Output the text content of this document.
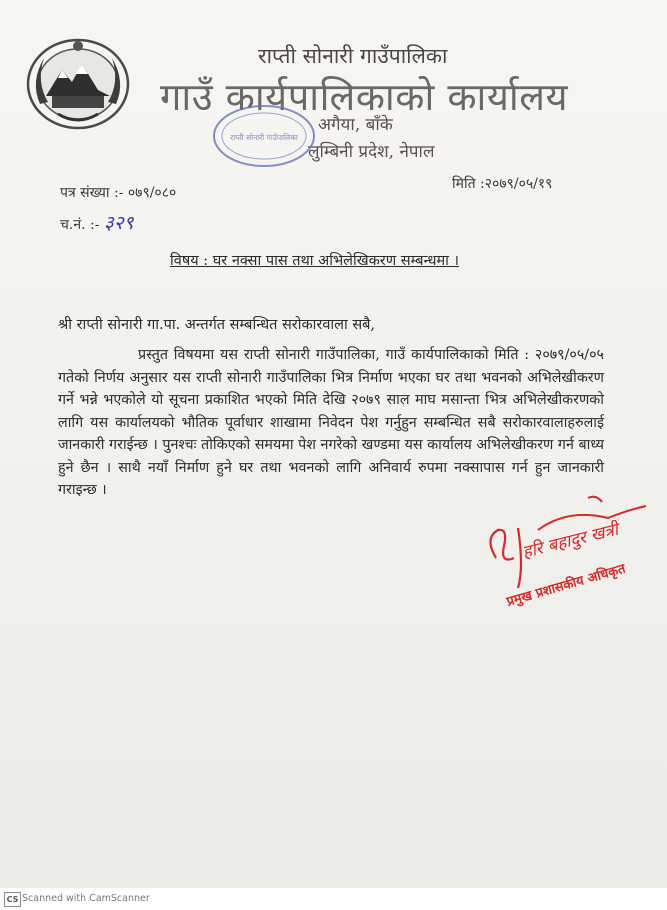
राप्ती सोनारी गाउँपालिका
गाउँ कार्यपालिकाको कार्यालय
अगैया, बाँके
लुम्बिनी प्रदेश, नेपाल
राप्ती सोनारी गाउँपालिका
पत्र संख्या :- ०७९/०८०
च.नं. :- ३२९
मिति :२०७९/०५/१९
विषय : घर नक्सा पास तथा अभिलेखिकरण सम्बन्धमा ।
श्री राप्ती सोनारी गा.पा. अन्तर्गत सम्बन्धित सरोकारवाला सबै,

प्रस्तुत विषयमा यस राप्ती सोनारी गाउँपालिका, गाउँ कार्यपालिकाको मिति : २०७९/०५/०५ गतेको निर्णय अनुसार यस राप्ती सोनारी गाउँपालिका भित्र निर्माण भएका घर तथा भवनको अभिलेखीकरण गर्ने भन्ने भएकोले यो सूचना प्रकाशित भएको मिति देखि २०७९ साल माघ मसान्ता भित्र अभिलेखीकरणको लागि यस कार्यालयको भौतिक पूर्वाधार शाखामा निवेदन पेश गर्नुहुन सम्बन्धित सबै सरोकारवालाहरुलाई जानकारी गराईन्छ । पुनश्चः तोकिएको समयमा पेश नगरेको खण्डमा यस कार्यालय अभिलेखीकरण गर्न बाध्य हुने छैन । साथै नयाँ निर्माण हुने घर तथा भवनको लागि अनिवार्य रुपमा नक्सापास गर्न हुन जानकारी गराइन्छ ।

हरि बहादुर खत्री
प्रमुख प्रशासकीय अधिकृत
CS Scanned with CamScanner
